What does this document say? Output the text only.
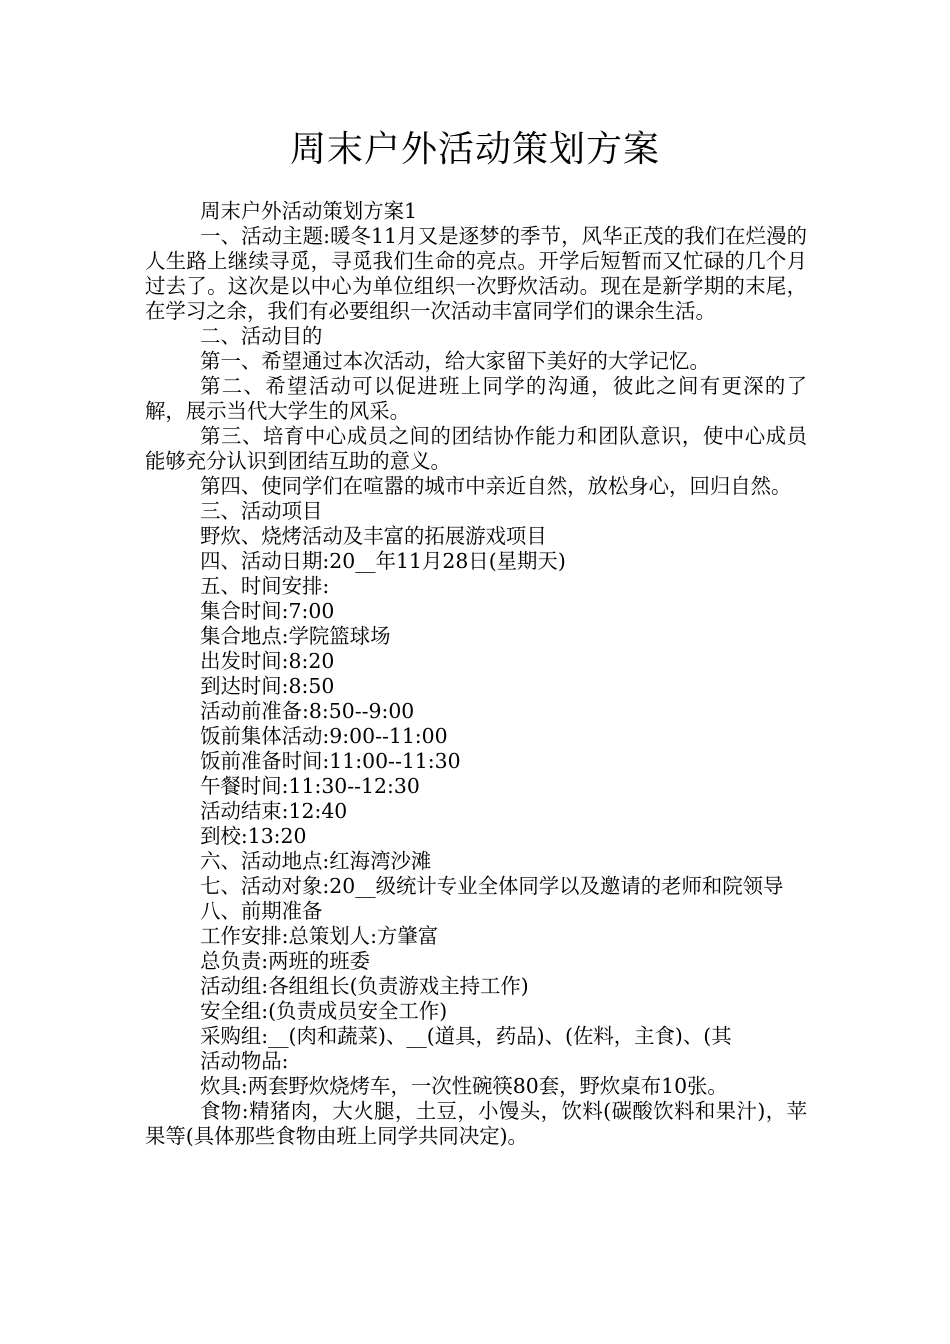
周末户外活动策划方案

周末户外活动策划方案1

一、活动主题:暖冬11月又是逐梦的季节，风华正茂的我们在烂漫的人生路上继续寻觅，寻觅我们生命的亮点。开学后短暂而又忙碌的几个月过去了。这次是以中心为单位组织一次野炊活动。现在是新学期的末尾，在学习之余，我们有必要组织一次活动丰富同学们的课余生活。

二、活动目的

第一、希望通过本次活动，给大家留下美好的大学记忆。

第二、希望活动可以促进班上同学的沟通，彼此之间有更深的了解，展示当代大学生的风采。

第三、培育中心成员之间的团结协作能力和团队意识，使中心成员能够充分认识到团结互助的意义。

第四、使同学们在喧嚣的城市中亲近自然，放松身心，回归自然。

三、活动项目

野炊、烧烤活动及丰富的拓展游戏项目

四、活动日期:20__年11月28日(星期天)

五、时间安排:

集合时间:7:00

集合地点:学院篮球场

出发时间:8:20

到达时间:8:50

活动前准备:8:50--9:00

饭前集体活动:9:00--11:00

饭前准备时间:11:00--11:30

午餐时间:11:30--12:30

活动结束:12:40

到校:13:20

六、活动地点:红海湾沙滩

七、活动对象:20__级统计专业全体同学以及邀请的老师和院领导

八、前期准备

工作安排:总策划人:方肇富

总负责:两班的班委

活动组:各组组长(负责游戏主持工作)

安全组:(负责成员安全工作)

采购组:__(肉和蔬菜)、__(道具，药品)、(佐料，主食)、(其

活动物品:

炊具:两套野炊烧烤车，一次性碗筷80套，野炊桌布10张。

食物:精猪肉，大火腿，土豆，小馒头，饮料(碳酸饮料和果汁)，苹果等(具体那些食物由班上同学共同决定)。
